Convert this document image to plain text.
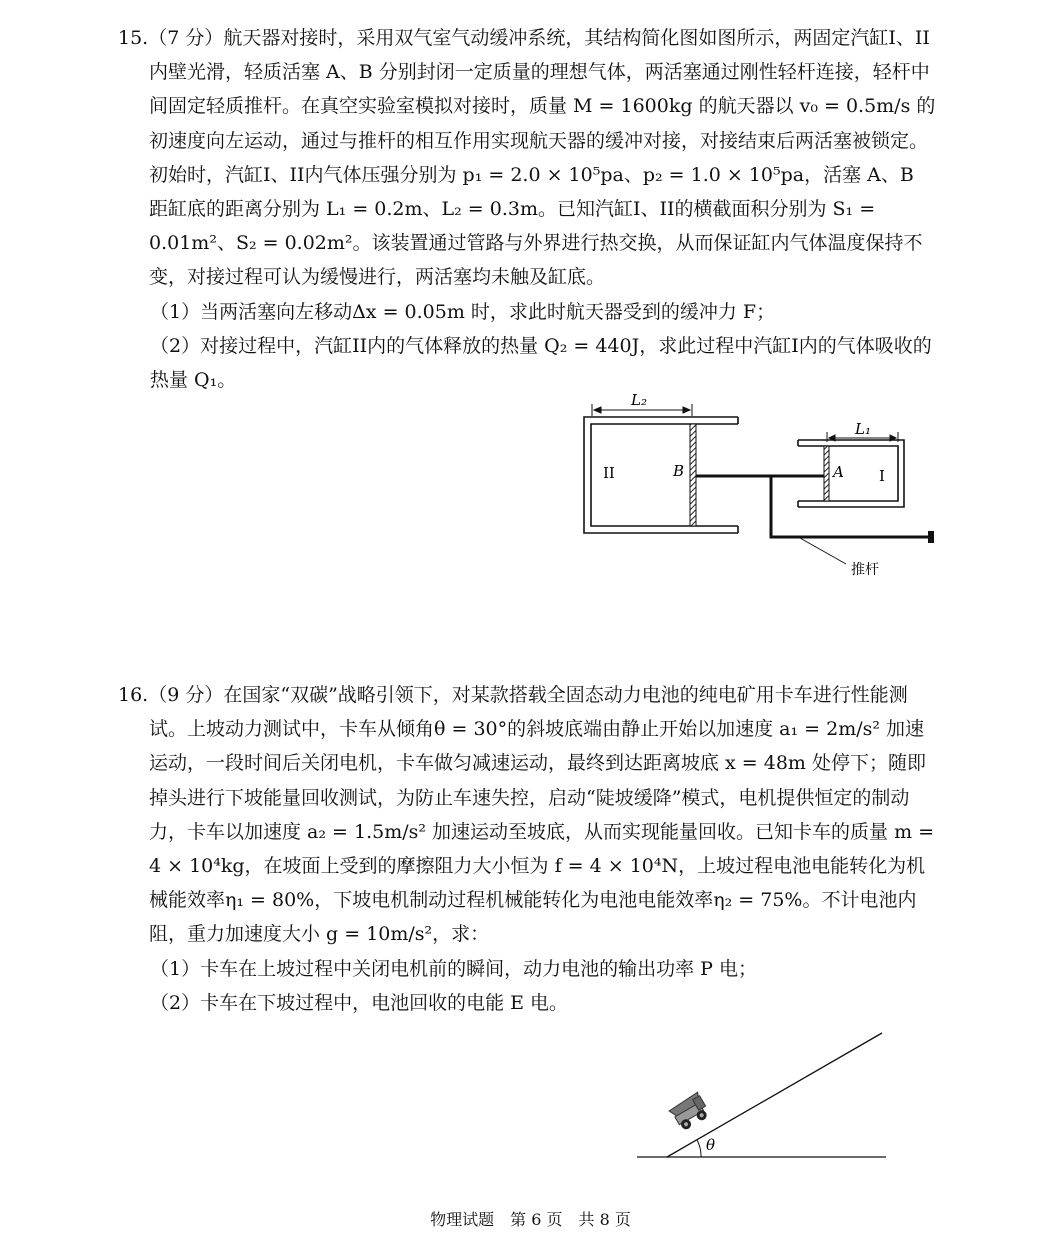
15.（7 分）航天器对接时，采用双气室气动缓冲系统，其结构简化图如图所示，两固定汽缸I、II内壁光滑，轻质活塞 A、B 分别封闭一定质量的理想气体，两活塞通过刚性轻杆连接，轻杆中间固定轻质推杆。在真空实验室模拟对接时，质量 M = 1600kg 的航天器以 v₀ = 0.5m/s 的初速度向左运动，通过与推杆的相互作用实现航天器的缓冲对接，对接结束后两活塞被锁定。初始时，汽缸I、II内气体压强分别为 p₁ = 2.0 × 10⁵pa、p₂ = 1.0 × 10⁵pa，活塞 A、B 距缸底的距离分别为 L₁ = 0.2m、L₂ = 0.3m。已知汽缸I、II的横截面积分别为 S₁ = 0.01m²、S₂ = 0.02m²。该装置通过管路与外界进行热交换，从而保证缸内气体温度保持不变，对接过程可认为缓慢进行，两活塞均未触及缸底。

（1）当两活塞向左移动Δx = 0.05m 时，求此时航天器受到的缓冲力 F；

（2）对接过程中，汽缸II内的气体释放的热量 Q₂ = 440J，求此过程中汽缸I内的气体吸收的热量 Q₁。

L₂
L₁
II	B	A I
推杆

16.（9 分）在国家“双碳”战略引领下，对某款搭载全固态动力电池的纯电矿用卡车进行性能测试。上坡动力测试中，卡车从倾角θ = 30°的斜坡底端由静止开始以加速度 a₁ = 2m/s² 加速运动，一段时间后关闭电机，卡车做匀减速运动，最终到达距离坡底 x = 48m 处停下；随即掉头进行下坡能量回收测试，为防止车速失控，启动“陡坡缓降”模式，电机提供恒定的制动力，卡车以加速度 a₂ = 1.5m/s² 加速运动至坡底，从而实现能量回收。已知卡车的质量 m = 4 × 10⁴kg，在坡面上受到的摩擦阻力大小恒为 f = 4 × 10⁴N，上坡过程电池电能转化为机械能效率η₁ = 80%，下坡电机制动过程机械能转化为电池电能效率η₂ = 75%。不计电池内阻，重力加速度大小 g = 10m/s²，求：

（1）卡车在上坡过程中关闭电机前的瞬间，动力电池的输出功率 P 电；

（2）卡车在下坡过程中，电池回收的电能 E 电。

θ
物理试题　第 6 页　共 8 页
